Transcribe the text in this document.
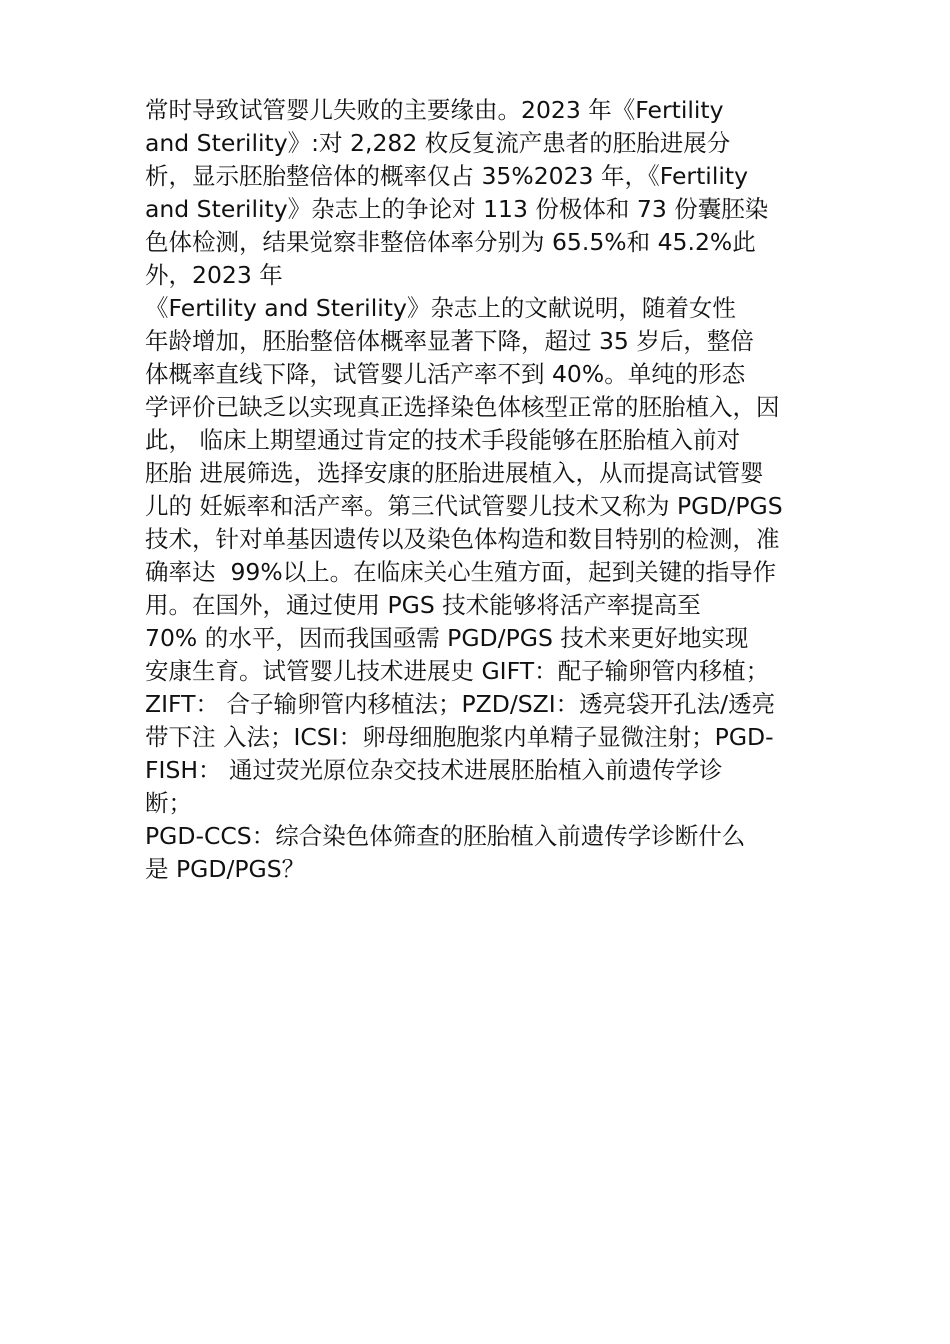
常时导致试管婴儿失败的主要缘由。2023 年《Fertility
and Sterility》:对 2,282 枚反复流产患者的胚胎进展分
析，显示胚胎整倍体的概率仅占 35%2023 年，《Fertility
and Sterility》杂志上的争论对 113 份极体和 73 份囊胚染
色体检测，结果觉察非整倍体率分别为 65.5%和 45.2%此
外，2023 年
《Fertility and Sterility》杂志上的文献说明，随着女性
年龄增加，胚胎整倍体概率显著下降，超过 35 岁后，整倍
体概率直线下降，试管婴儿活产率不到 40%。单纯的形态
学评价已缺乏以实现真正选择染色体核型正常的胚胎植入，因
此， 临床上期望通过肯定的技术手段能够在胚胎植入前对
胚胎 进展筛选，选择安康的胚胎进展植入，从而提高试管婴
儿的 妊娠率和活产率。第三代试管婴儿技术又称为 PGD/PGS
技术，针对单基因遗传以及染色体构造和数目特别的检测，准
确率达  99%以上。在临床关心生殖方面，起到关键的指导作
用。在国外，通过使用 PGS 技术能够将活产率提高至
70% 的水平，因而我国亟需 PGD/PGS 技术来更好地实现
安康生育。试管婴儿技术进展史 GIFT：配子输卵管内移植；
ZIFT： 合子输卵管内移植法；PZD/SZI：透亮袋开孔法/透亮
带下注 入法；ICSI：卵母细胞胞浆内单精子显微注射；PGD-
FISH： 通过荧光原位杂交技术进展胚胎植入前遗传学诊
断；
PGD-CCS：综合染色体筛查的胚胎植入前遗传学诊断什么
是 PGD/PGS？
